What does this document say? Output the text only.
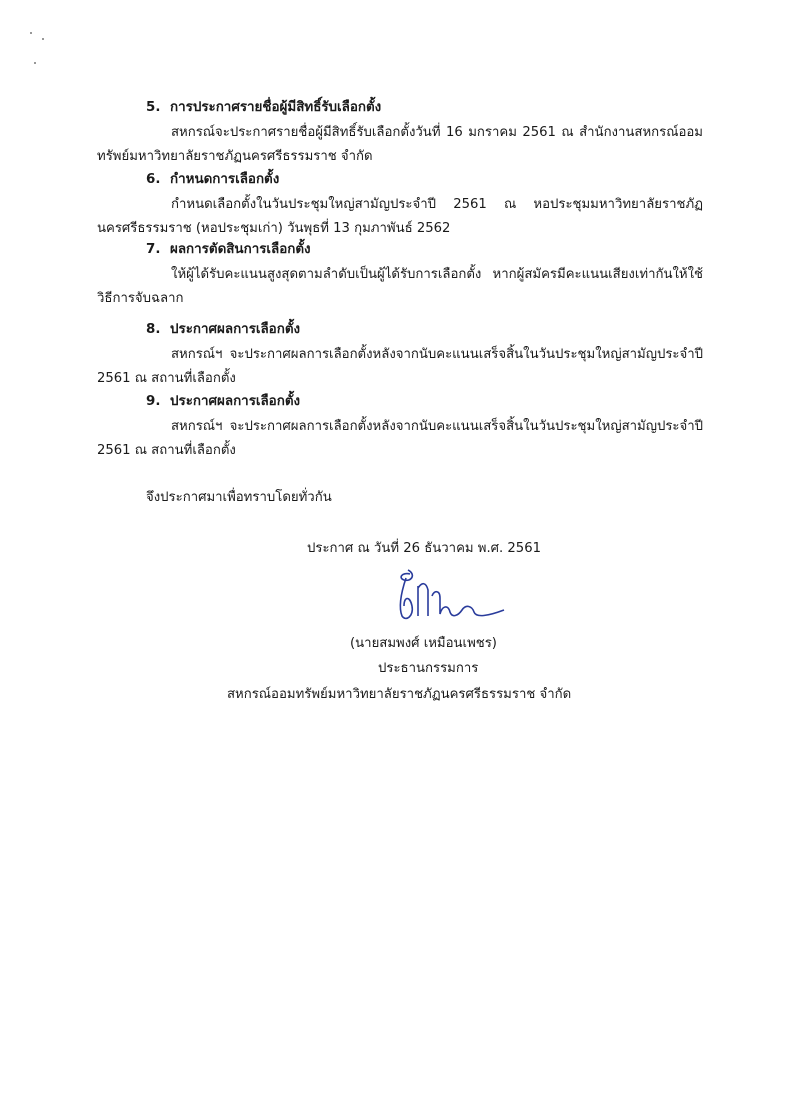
5. การประกาศรายชื่อผู้มีสิทธิ์รับเลือกตั้ง
สหกรณ์จะประกาศรายชื่อผู้มีสิทธิ์รับเลือกตั้งวันที่ 16 มกราคม 2561 ณ สำนักงานสหกรณ์ออมทรัพย์มหาวิทยาลัยราชภัฏนครศรีธรรมราช จำกัด
6. กำหนดการเลือกตั้ง
กำหนดเลือกตั้งในวันประชุมใหญ่สามัญประจำปี 2561 ณ หอประชุมมหาวิทยาลัยราชภัฏนครศรีธรรมราช (หอประชุมเก่า) วันพุธที่ 13 กุมภาพันธ์ 2562
7. ผลการตัดสินการเลือกตั้ง
ให้ผู้ได้รับคะแนนสูงสุดตามลำดับเป็นผู้ได้รับการเลือกตั้ง หากผู้สมัครมีคะแนนเสียงเท่ากันให้ใช้วิธีการจับฉลาก
8. ประกาศผลการเลือกตั้ง
สหกรณ์ฯ จะประกาศผลการเลือกตั้งหลังจากนับคะแนนเสร็จสิ้นในวันประชุมใหญ่สามัญประจำปี 2561 ณ สถานที่เลือกตั้ง
9. ประกาศผลการเลือกตั้ง
สหกรณ์ฯ จะประกาศผลการเลือกตั้งหลังจากนับคะแนนเสร็จสิ้นในวันประชุมใหญ่สามัญประจำปี 2561 ณ สถานที่เลือกตั้ง
จึงประกาศมาเพื่อทราบโดยทั่วกัน
ประกาศ ณ วันที่ 26 ธันวาคม พ.ศ. 2561
(นายสมพงศ์ เหมือนเพชร)
ประธานกรรมการ
สหกรณ์ออมทรัพย์มหาวิทยาลัยราชภัฏนครศรีธรรมราช จำกัด
